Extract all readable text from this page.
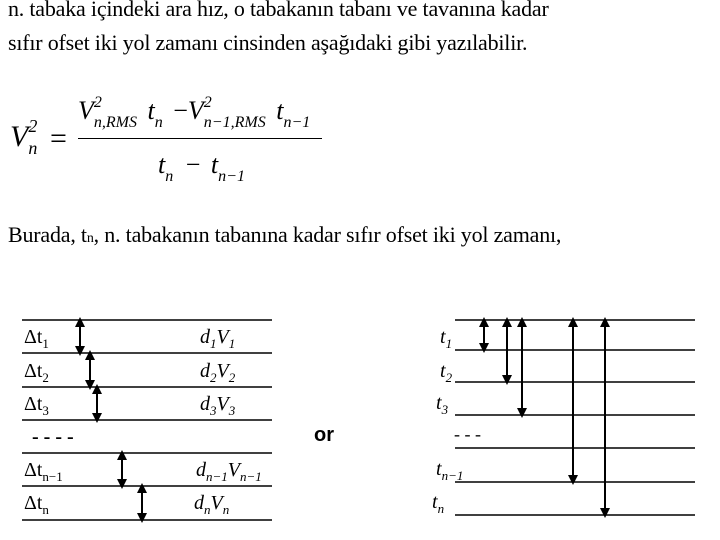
n. tabaka içindeki ara hız, o tabakanın tabanı ve tavanına kadar
sıfır ofset iki yol zamanı cinsinden aşağıdaki gibi yazılabilir.
$V^2_n$ =
$V^2_{n,RMS}$ $t_n -V^2_{n-1,RMS}$ $t_{n-1}$
$t_n - t_{n-1}$
Burada, tn, n. tabakanın tabanına kadar sıfır ofset iki yol zamanı,
$\Delta t_1$	$d_1V_1$
$\Delta t_2$	$d_2V_2$
$\Delta t_3$	$d_3V_3$
- - - -
$\Delta t_{n-1}$	$d_{n-1}V_{n-1}$
$\Delta t_n$	$d_nV_n$
or
$t_1$
$t_2$
$t_3$
- - -
$t_{n-1}$
$t_n$
